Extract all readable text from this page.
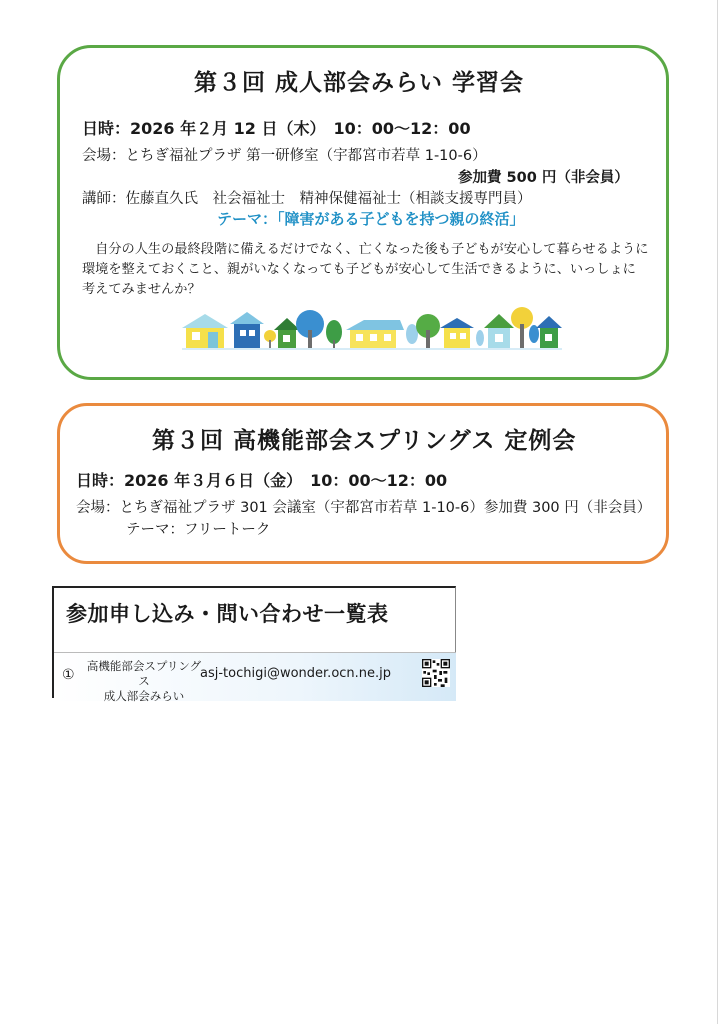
第３回 成人部会みらい 学習会
日時：2026 年２月 12 日（木）　10：00～12：00
会場：とちぎ福祉プラザ 第一研修室（宇都宮市若草 1-10-6）
参加費 500 円（非会員）
講師：佐藤直久氏　社会福祉士　精神保健福祉士（相談支援専門員）
テーマ：「障害がある子どもを持つ親の終活」
　自分の人生の最終段階に備えるだけでなく、亡くなった後も子どもが安心して暮らせるように
環境を整えておくこと、親がいなくなっても子どもが安心して生活できるように、いっしょに
考えてみませんか？
第３回 高機能部会スプリングス 定例会
日時：2026 年３月６日（金）　10：00～12：00
会場：とちぎ福祉プラザ 301 会議室（宇都宮市若草 1-10-6）参加費 300 円（非会員）
テーマ：フリートーク
参加申し込み・問い合わせ一覧表
①
高機能部会スプリングス
成人部会みらい
asj-tochigi@wonder.ocn.ne.jp
